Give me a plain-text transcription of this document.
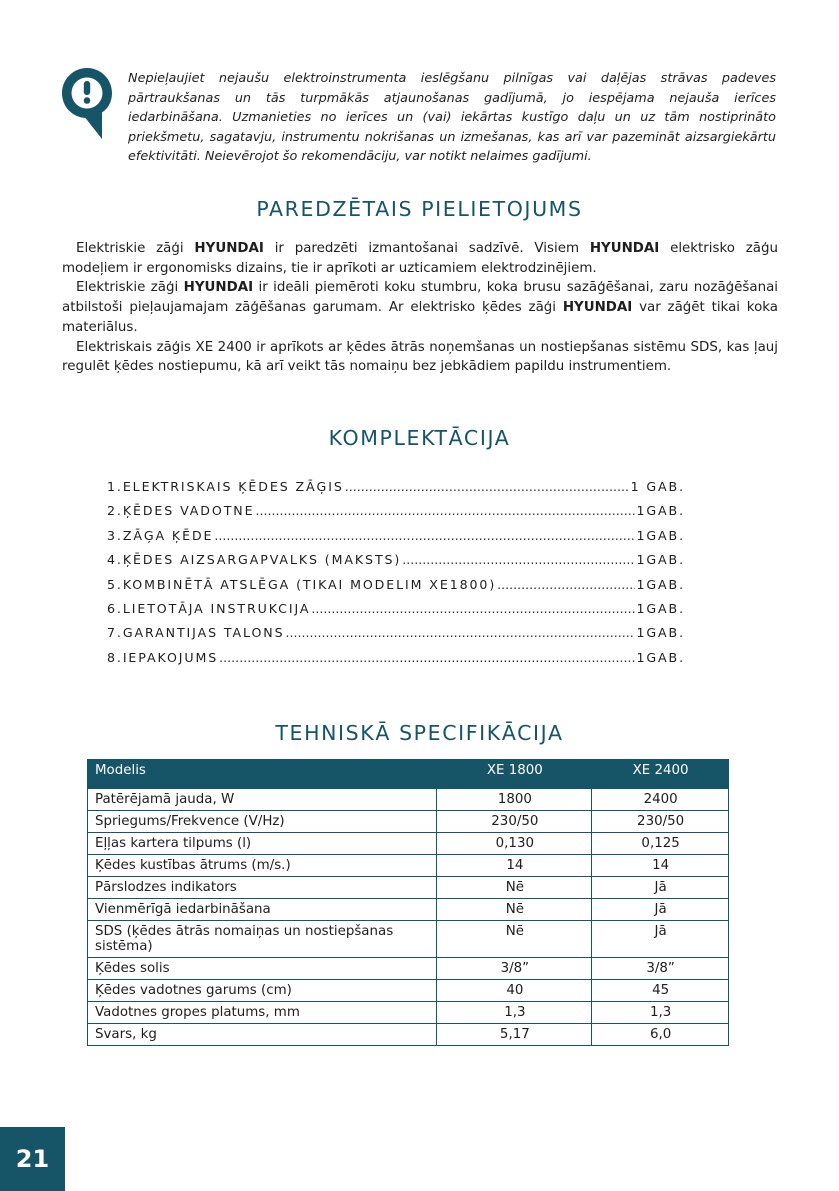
Nepieļaujiet nejaušu elektroinstrumenta ieslēgšanu pilnīgas vai daļējas strāvas padeves pārtraukšanas un tās turpmākās atjaunošanas gadījumā, jo iespējama nejauša ierīces iedarbināšana. Uzmanieties no ierīces un (vai) iekārtas kustīgo daļu un uz tām nostiprināto priekšmetu, sagatavju, instrumentu nokrišanas un izmešanas, kas arī var pazemināt aizsargiekārtu efektivitāti. Neievērojot šo rekomendāciju, var notikt nelaimes gadījumi.
PAREDZĒTAIS PIELIETOJUMS

Elektriskie zāģi HYUNDAI ir paredzēti izmantošanai sadzīvē. Visiem HYUNDAI elektrisko zāģu modeļiem ir ergonomisks dizains, tie ir aprīkoti ar uzticamiem elektrodzinējiem.

Elektriskie zāģi HYUNDAI ir ideāli piemēroti koku stumbru, koka brusu sazāģēšanai, zaru nozāģēšanai atbilstoši pieļaujamajam zāģēšanas garumam. Ar elektrisko ķēdes zāģi HYUNDAI var zāģēt tikai koka materiālus.

Elektriskais zāģis XE 2400 ir aprīkots ar ķēdes ātrās noņemšanas un nostiepšanas sistēmu SDS, kas ļauj regulēt ķēdes nostiepumu, kā arī veikt tās nomaiņu bez jebkādiem papildu instrumentiem.

KOMPLEKTĀCIJA
1.ELEKTRISKAIS ĶĒDES ZĀĢIS .....	1 GAB.
2.ĶĒDES VADOTNE .....	1GAB.
3.ZĀĢA ĶĒDE .....	1GAB.
4.ĶĒDES AIZSARGAPVALKS (MAKSTS) .....	1GAB.
5.KOMBINĒTĀ ATSLĒGA (TIKAI MODELIM XE1800) .....	1GAB.
6.LIETOTĀJA INSTRUKCIJA .....	1GAB.
7.GARANTIJAS TALONS .....	1GAB.
8.IEPAKOJUMS .....	1GAB.
TEHNISKĀ SPECIFIKĀCIJA
Modelis	XE 1800	XE 2400
Patērējamā jauda, W	1800	2400
Spriegums/Frekvence (V/Hz)	230/50	230/50
Eļļas kartera tilpums (l)	0,130	0,125
Ķēdes kustības ātrums (m/s.)	14	14
Pārslodzes indikators	Nē	Jā
Vienmērīgā iedarbināšana	Nē	Jā
SDS (ķēdes ātrās nomaiņas un nostiepšanas sistēma)	Nē	Jā
Ķēdes solis	3/8”	3/8”
Ķēdes vadotnes garums (cm)	40	45
Vadotnes gropes platums, mm	1,3	1,3
Svars, kg	5,17	6,0
21
